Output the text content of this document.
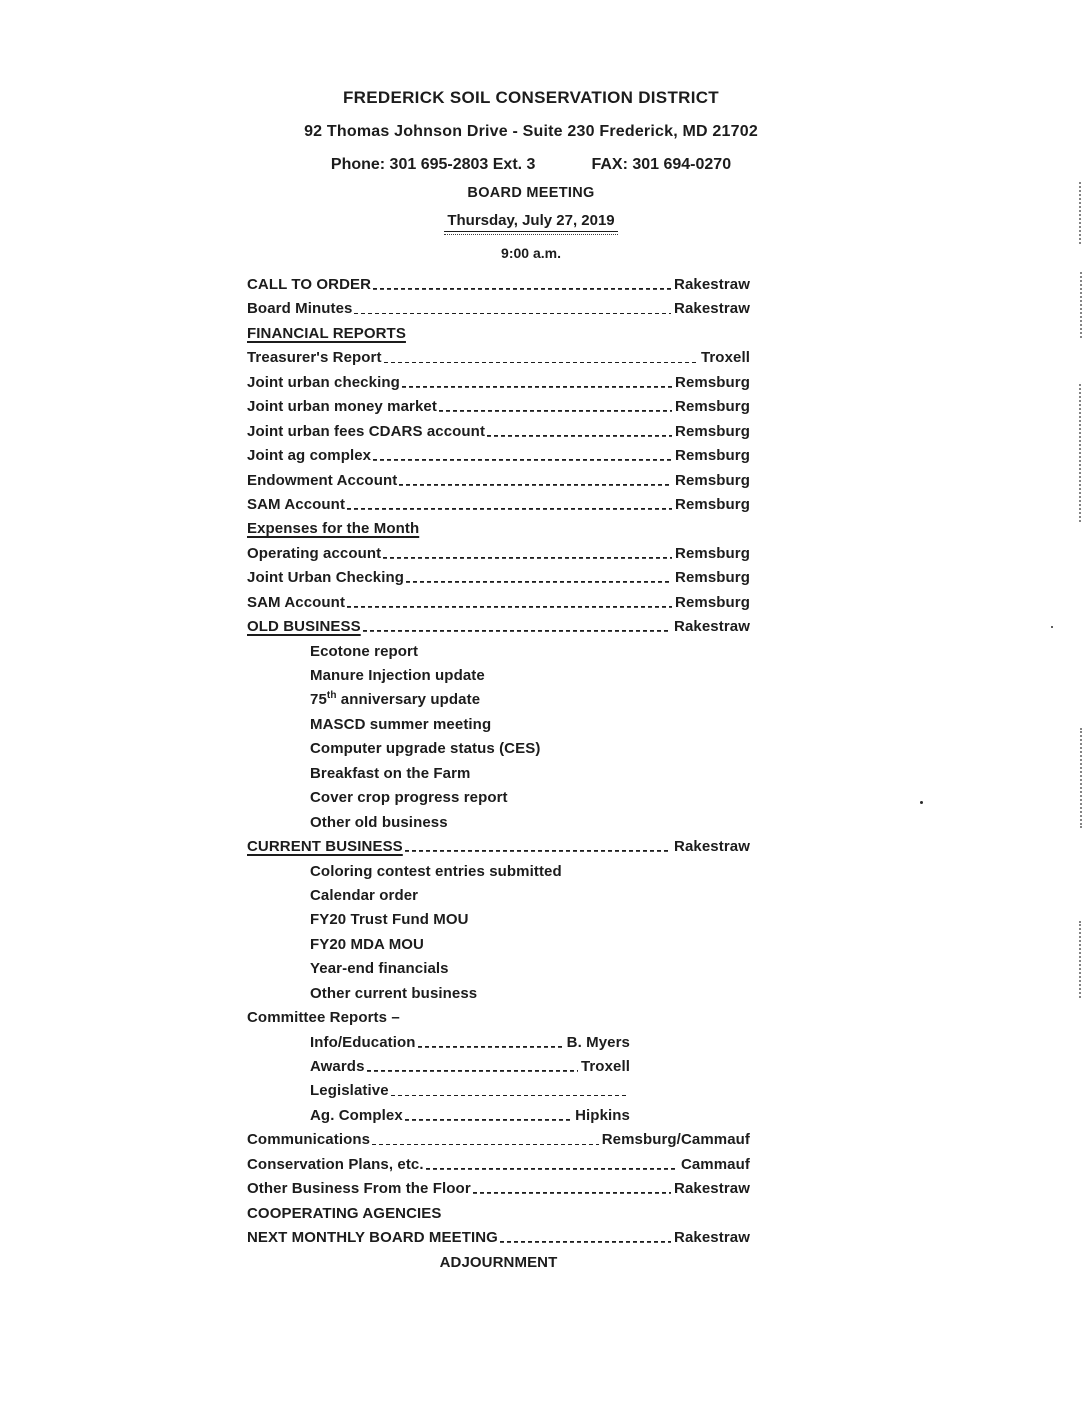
FREDERICK SOIL CONSERVATION DISTRICT
92 Thomas Johnson Drive - Suite 230 Frederick, MD 21702
Phone: 301 695-2803 Ext. 3	FAX: 301 694-0270
BOARD MEETING
Thursday, July 27, 2019
9:00 a.m.
CALL TO ORDER	Rakestraw
Board Minutes	Rakestraw
FINANCIAL REPORTS
Treasurer's Report	Troxell
Joint urban checking	Remsburg
Joint urban money market	Remsburg
Joint urban fees CDARS account	Remsburg
Joint ag complex	Remsburg
Endowment Account	Remsburg
SAM Account	Remsburg
Expenses for the Month
Operating account	Remsburg
Joint Urban Checking	Remsburg
SAM Account	Remsburg
OLD BUSINESS	Rakestraw
Ecotone report
Manure Injection update
75th anniversary update
MASCD summer meeting
Computer upgrade status (CES)
Breakfast on the Farm
Cover crop progress report
Other old business
CURRENT BUSINESS	Rakestraw
Coloring contest entries submitted
Calendar order
FY20 Trust Fund MOU
FY20 MDA MOU
Year-end financials
Other current business
Committee Reports –
Info/Education	B. Myers
Awards	Troxell
Legislative
Ag. Complex	Hipkins
Communications	Remsburg/Cammauf
Conservation Plans, etc.	Cammauf
Other Business From the Floor	Rakestraw
COOPERATING AGENCIES
NEXT MONTHLY BOARD MEETING	Rakestraw
ADJOURNMENT
